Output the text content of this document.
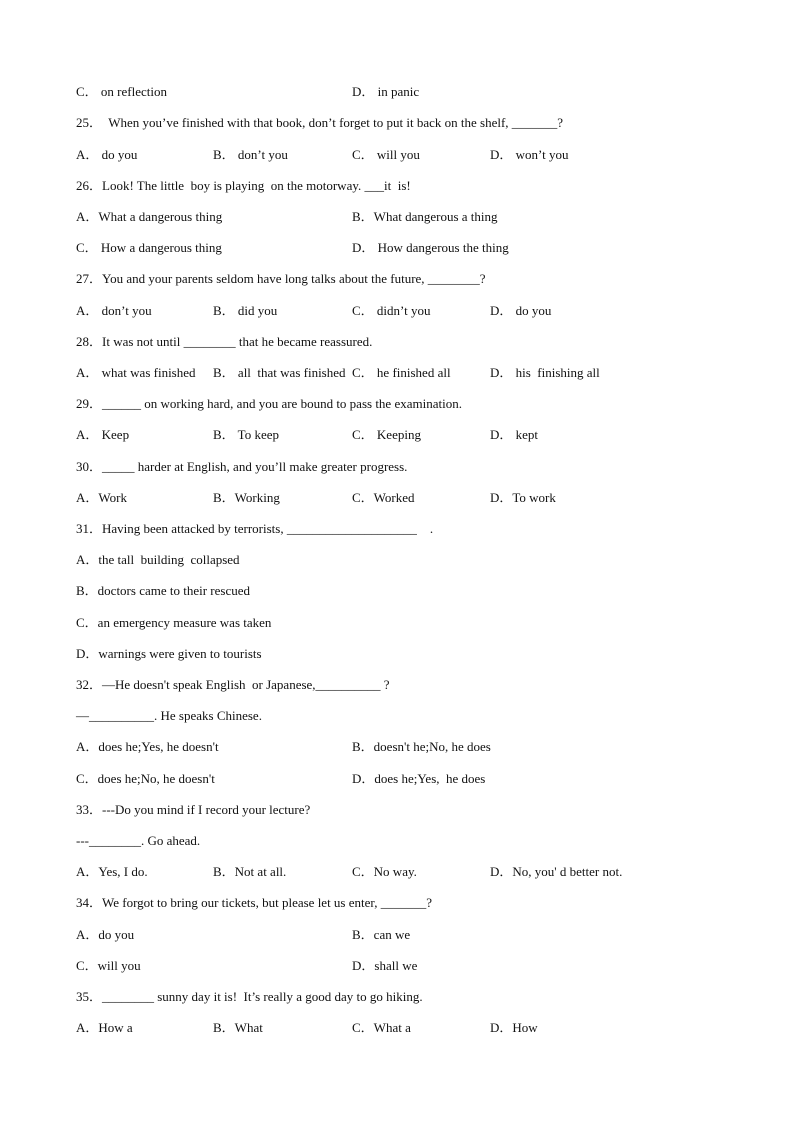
C． on reflection	D． in panic
25．  When you’ve finished with that book, don’t forget to put it back on the shelf, _______?
A． do you	B． don’t you	C． will you	D． won’t you
26．Look! The little  boy is playing  on the motorway. ___it  is!
A．What a dangerous thing	B．What dangerous a thing
C． How a dangerous thing	D． How dangerous the thing
27．You and your parents seldom have long talks about the future, ________?
A． don’t you	B． did you	C． didn’t you	D． do you
28．It was not until ________ that he became reassured.
A． what was finished B． all  that was finished C． he finished all	D． his  finishing all
29．______ on working hard, and you are bound to pass the examination.
A． Keep	B． To keep	C． Keeping	D． kept
30．_____ harder at English, and you’ll make greater progress.
A．Work	B．Working	C．Worked	D．To work
31．Having been attacked by terrorists, ____________________    .
A．the tall  building  collapsed
B．doctors came to their rescued
C．an emergency measure was taken
D．warnings were given to tourists
32．—He doesn't speak English  or Japanese,__________ ?
—__________. He speaks Chinese.
A．does he;Yes, he doesn't	B．doesn't he;No, he does
C．does he;No, he doesn't	D．does he;Yes,  he does
33．---Do you mind if I record your lecture?
---________. Go ahead.
A．Yes, I do.	B．Not at all.	C．No way.	D．No, you' d better not.
34．We forgot to bring our tickets, but please let us enter, _______?
A．do you	B．can we
C．will you	D．shall we
35．________ sunny day it is!  It’s really a good day to go hiking.
A．How a	B．What	C．What a	D．How
